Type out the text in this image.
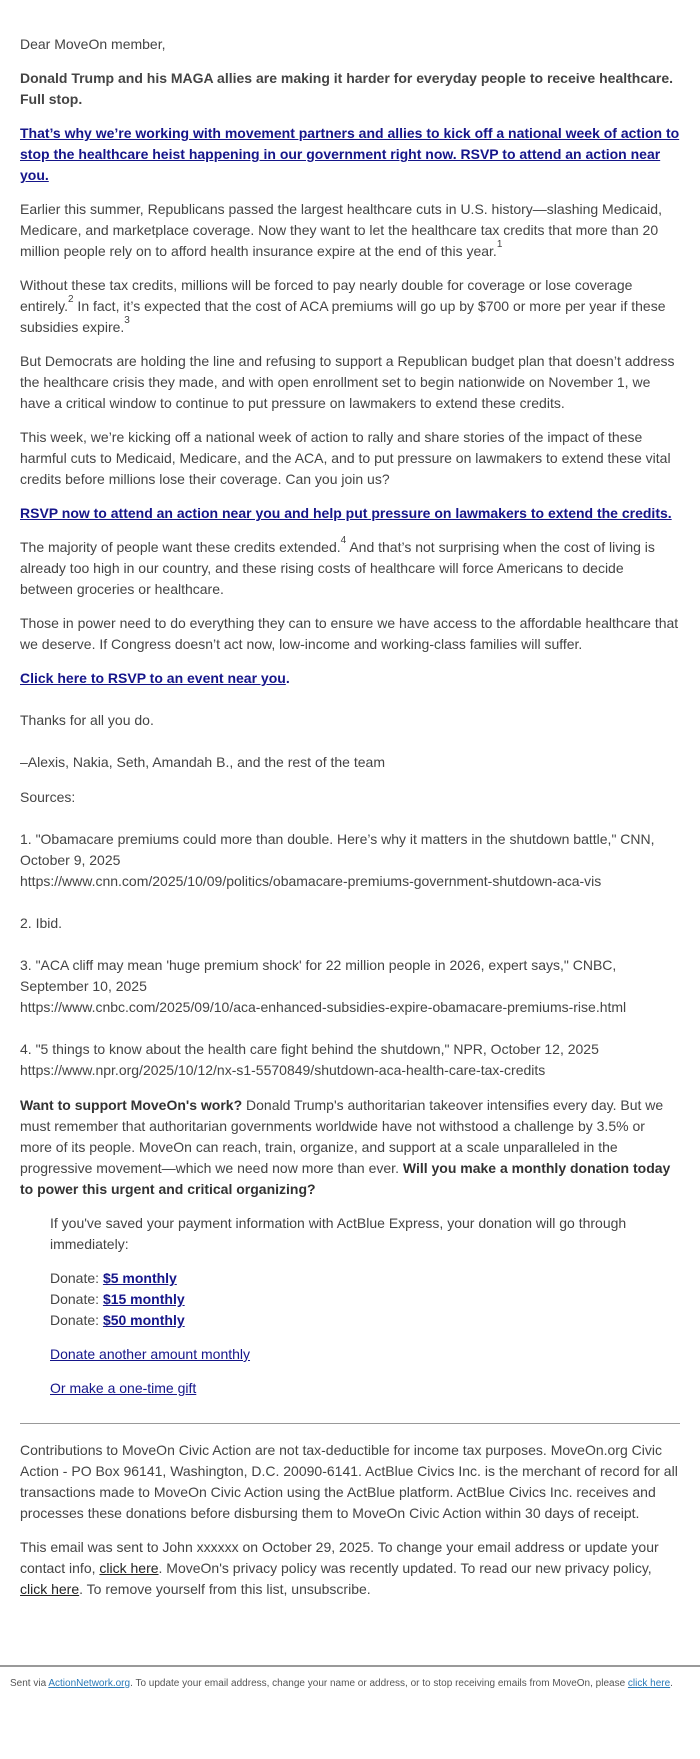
Dear MoveOn member,

Donald Trump and his MAGA allies are making it harder for everyday people to receive healthcare. Full stop.

That’s why we’re working with movement partners and allies to kick off a national week of action to stop the healthcare heist happening in our government right now. RSVP to attend an action near you.

Earlier this summer, Republicans passed the largest healthcare cuts in U.S. history—slashing Medicaid, Medicare, and marketplace coverage. Now they want to let the healthcare tax credits that more than 20 million people rely on to afford health insurance expire at the end of this year.$^1$

Without these tax credits, millions will be forced to pay nearly double for coverage or lose coverage entirely.$^2$ In fact, it’s expected that the cost of ACA premiums will go up by $700 or more per year if these subsidies expire.$^3$

But Democrats are holding the line and refusing to support a Republican budget plan that doesn’t address the healthcare crisis they made, and with open enrollment set to begin nationwide on November 1, we have a critical window to continue to put pressure on lawmakers to extend these credits.

This week, we’re kicking off a national week of action to rally and share stories of the impact of these harmful cuts to Medicaid, Medicare, and the ACA, and to put pressure on lawmakers to extend these vital credits before millions lose their coverage. Can you join us?

RSVP now to attend an action near you and help put pressure on lawmakers to extend the credits.

The majority of people want these credits extended.$^4$ And that’s not surprising when the cost of living is already too high in our country, and these rising costs of healthcare will force Americans to decide between groceries or healthcare.

Those in power need to do everything they can to ensure we have access to the affordable healthcare that we deserve. If Congress doesn’t act now, low-income and working-class families will suffer.

Click here to RSVP to an event near you.

Thanks for all you do.

–Alexis, Nakia, Seth, Amandah B., and the rest of the team

Sources:

1. "Obamacare premiums could more than double. Here’s why it matters in the shutdown battle," CNN, October 9, 2025
https://www.cnn.com/2025/10/09/politics/obamacare-premiums-government-shutdown-aca-vis
2. Ibid.
3. "ACA cliff may mean 'huge premium shock' for 22 million people in 2026, expert says," CNBC, September 10, 2025
https://www.cnbc.com/2025/09/10/aca-enhanced-subsidies-expire-obamacare-premiums-rise.html
4. "5 things to know about the health care fight behind the shutdown," NPR, October 12, 2025
https://www.npr.org/2025/10/12/nx-s1-5570849/shutdown-aca-health-care-tax-credits

Want to support MoveOn's work? Donald Trump's authoritarian takeover intensifies every day. But we must remember that authoritarian governments worldwide have not withstood a challenge by 3.5% or more of its people. MoveOn can reach, train, organize, and support at a scale unparalleled in the progressive movement—which we need now more than ever. Will you make a monthly donation today to power this urgent and critical organizing?

If you've saved your payment information with ActBlue Express, your donation will go through immediately:

Donate: $5 monthly
Donate: $15 monthly
Donate: $50 monthly

Donate another amount monthly

Or make a one-time gift

Contributions to MoveOn Civic Action are not tax-deductible for income tax purposes. MoveOn.org Civic Action - PO Box 96141, Washington, D.C. 20090-6141. ActBlue Civics Inc. is the merchant of record for all transactions made to MoveOn Civic Action using the ActBlue platform. ActBlue Civics Inc. receives and processes these donations before disbursing them to MoveOn Civic Action within 30 days of receipt.

This email was sent to John xxxxxx on October 29, 2025. To change your email address or update your contact info, click here. MoveOn's privacy policy was recently updated. To read our new privacy policy, click here. To remove yourself from this list, unsubscribe.

Sent via ActionNetwork.org. To update your email address, change your name or address, or to stop receiving emails from MoveOn, please click here.
